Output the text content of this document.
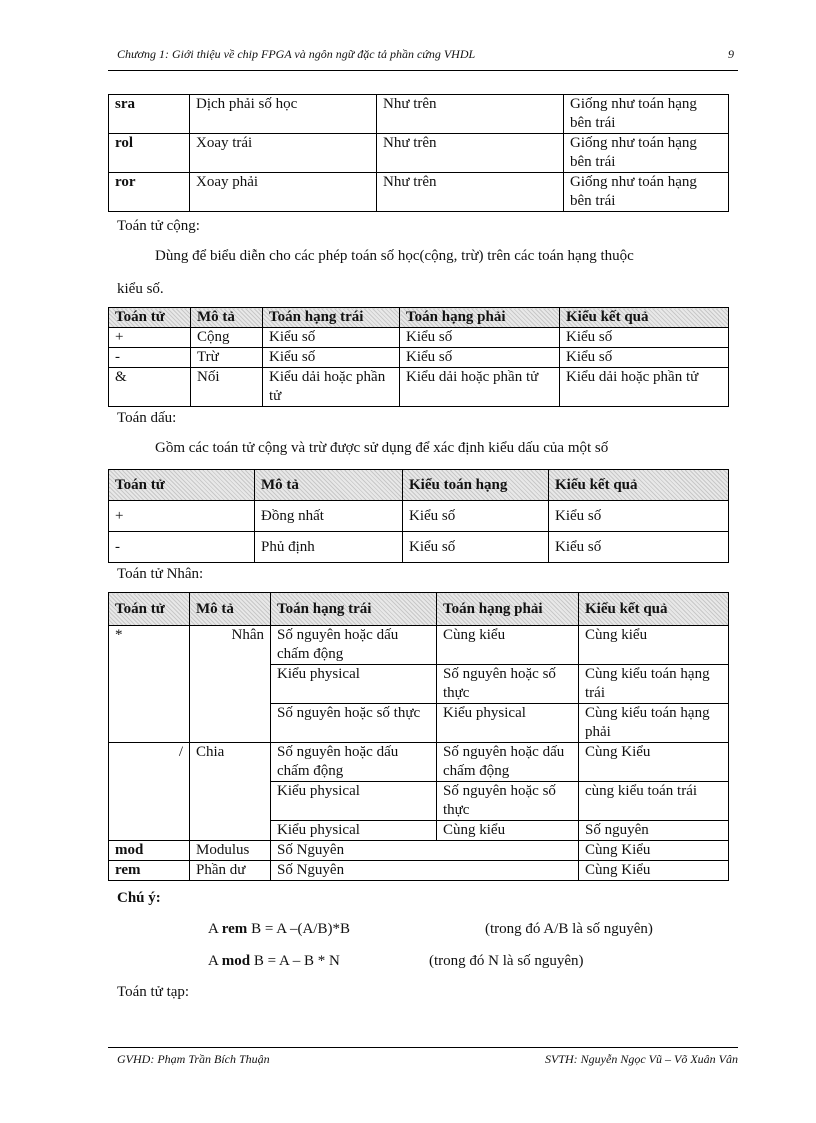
Chương 1: Giới thiệu về chip FPGA và ngôn ngữ đặc tả phần cứng VHDL	9
sra	Dịch phải số học	Như trên	Giống như toán hạng bên trái
rol	Xoay trái	Như trên	Giống như toán hạng bên trái
ror	Xoay phải	Như trên	Giống như toán hạng bên trái
Toán tử cộng:
Dùng để biểu diễn cho các phép toán số học(cộng, trừ) trên các toán hạng thuộc
kiểu số.
Toán tử	Mô tả	Toán hạng trái	Toán hạng phải	Kiểu kết quả
+	Cộng	Kiểu số	Kiểu số	Kiểu số
-	Trừ	Kiểu số	Kiểu số	Kiểu số
&	Nối	Kiểu dải hoặc phần tử	Kiểu dải hoặc phần tử	Kiểu dải hoặc phần tử
Toán dấu:
Gồm các toán tử cộng và trừ được sử dụng để xác định kiểu dấu của một số
Toán tử	Mô tả	Kiểu toán hạng	Kiểu kết quả
+	Đồng nhất	Kiểu số	Kiểu số
-	Phủ định	Kiểu số	Kiểu số
Toán tử Nhân:
Toán tử	Mô tả	Toán hạng trái	Toán hạng phải	Kiểu kết quả
*	Nhân	Số nguyên hoặc dấu chấm động	Cùng kiểu	Cùng kiểu
		Kiểu physical	Số nguyên hoặc số thực	Cùng kiểu toán hạng trái
		Số nguyên hoặc số thực	Kiểu physical	Cùng kiểu toán hạng phải
/	Chia	Số nguyên hoặc dấu chấm động	Số nguyên hoặc dấu chấm động	Cùng Kiểu
		Kiểu physical	Số nguyên hoặc số thực	cùng kiểu toán trái
		Kiểu physical	Cùng kiểu	Số nguyên
mod	Modulus	Số Nguyên		Cùng Kiểu
rem	Phần dư	Số Nguyên		Cùng Kiểu
Chú ý:
A rem B = A –(A/B)*B	(trong đó A/B là số nguyên)
A mod B = A – B * N	(trong đó N là số nguyên)
Toán tử tạp:
GVHD: Phạm Trần Bích Thuận	SVTH: Nguyễn Ngọc Vũ – Võ Xuân Vân
